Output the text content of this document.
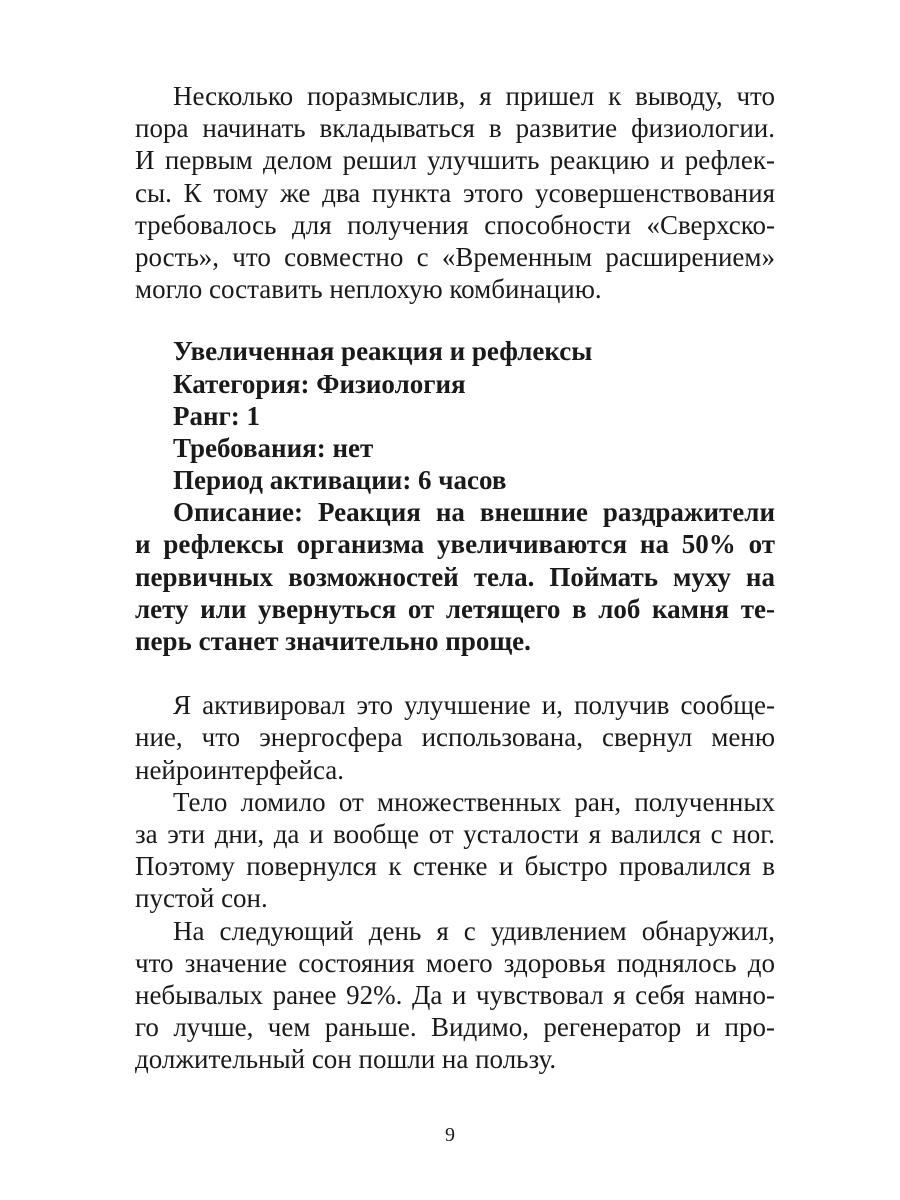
Несколько поразмыслив, я пришел к выводу, что
пора начинать вкладываться в развитие физиологии.
И первым делом решил улучшить реакцию и рефлек-
сы. К тому же два пункта этого усовершенствования
требовалось для получения способности «Сверхско-
рость», что совместно с «Временным расширением»
могло составить неплохую комбинацию.
Увеличенная реакция и рефлексы
Категория: Физиология
Ранг: 1
Требования: нет
Период активации: 6 часов
Описание: Реакция на внешние раздражители
и рефлексы организма увеличиваются на 50% от
первичных возможностей тела. Поймать муху на
лету или увернуться от летящего в лоб камня те-
перь станет значительно проще.
Я активировал это улучшение и, получив сообще-
ние, что энергосфера использована, свернул меню
нейроинтерфейса.
Тело ломило от множественных ран, полученных
за эти дни, да и вообще от усталости я валился с ног.
Поэтому повернулся к стенке и быстро провалился в
пустой сон.
На следующий день я с удивлением обнаружил,
что значение состояния моего здоровья поднялось до
небывалых ранее 92%. Да и чувствовал я себя намно-
го лучше, чем раньше. Видимо, регенератор и про-
должительный сон пошли на пользу.
9
